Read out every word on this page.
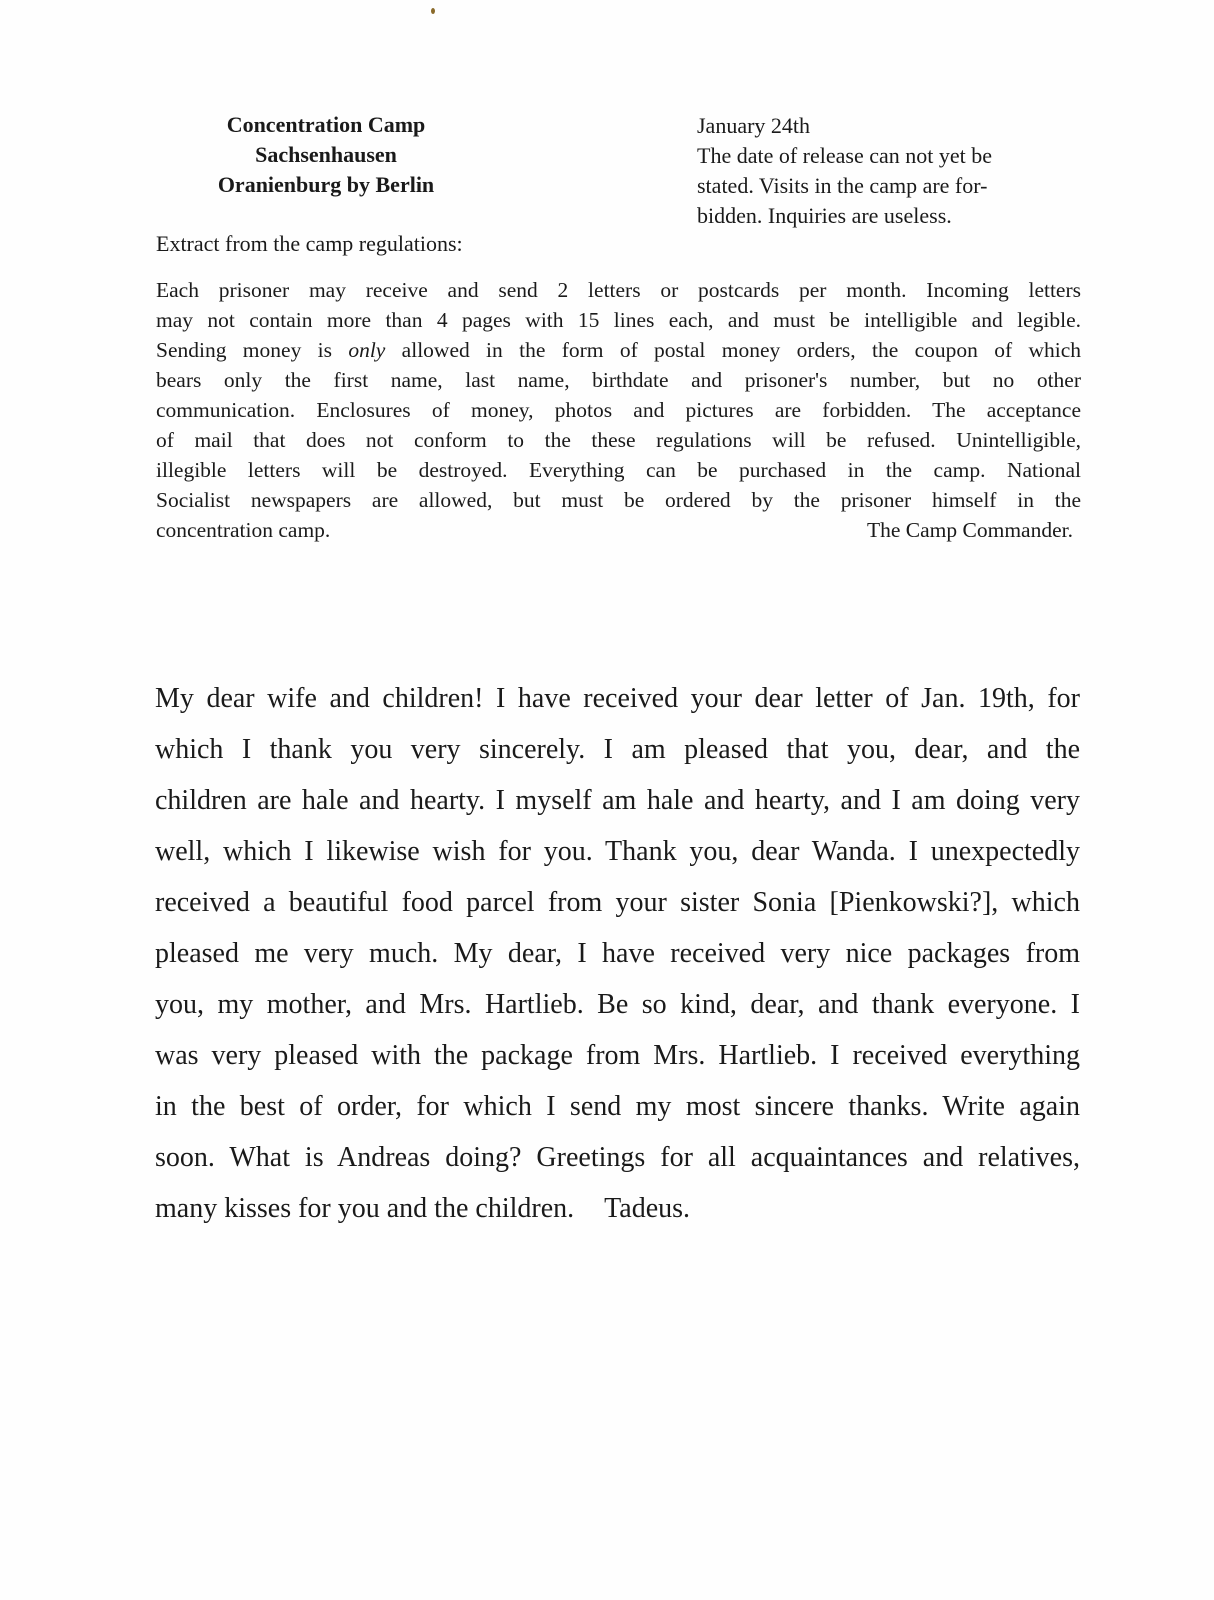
Concentration Camp
Sachsenhausen
Oranienburg by Berlin
January 24th
The date of release can not yet be
stated. Visits in the camp are for-
bidden. Inquiries are useless.
Extract from the camp regulations:
Each prisoner may receive and send 2 letters or postcards per month. Incoming letters
may not contain more than 4 pages with 15 lines each, and must be intelligible and legible.
Sending money is only allowed in the form of postal money orders, the coupon of which
bears only the first name, last name, birthdate and prisoner's number, but no other
communication. Enclosures of money, photos and pictures are forbidden. The acceptance
of mail that does not conform to the these regulations will be refused. Unintelligible,
illegible letters will be destroyed. Everything can be purchased in the camp. National
Socialist newspapers are allowed, but must be ordered by the prisoner himself in the
concentration camp.	The Camp Commander.
My dear wife and children! I have received your dear letter of Jan. 19th, for
which I thank you very sincerely. I am pleased that you, dear, and the
children are hale and hearty. I myself am hale and hearty, and I am doing very
well, which I likewise wish for you. Thank you, dear Wanda. I unexpectedly
received a beautiful food parcel from your sister Sonia [Pienkowski?], which
pleased me very much. My dear, I have received very nice packages from
you, my mother, and Mrs. Hartlieb. Be so kind, dear, and thank everyone. I
was very pleased with the package from Mrs. Hartlieb. I received everything
in the best of order, for which I send my most sincere thanks. Write again
soon. What is Andreas doing? Greetings for all acquaintances and relatives,
many kisses for you and the children. Tadeus.
